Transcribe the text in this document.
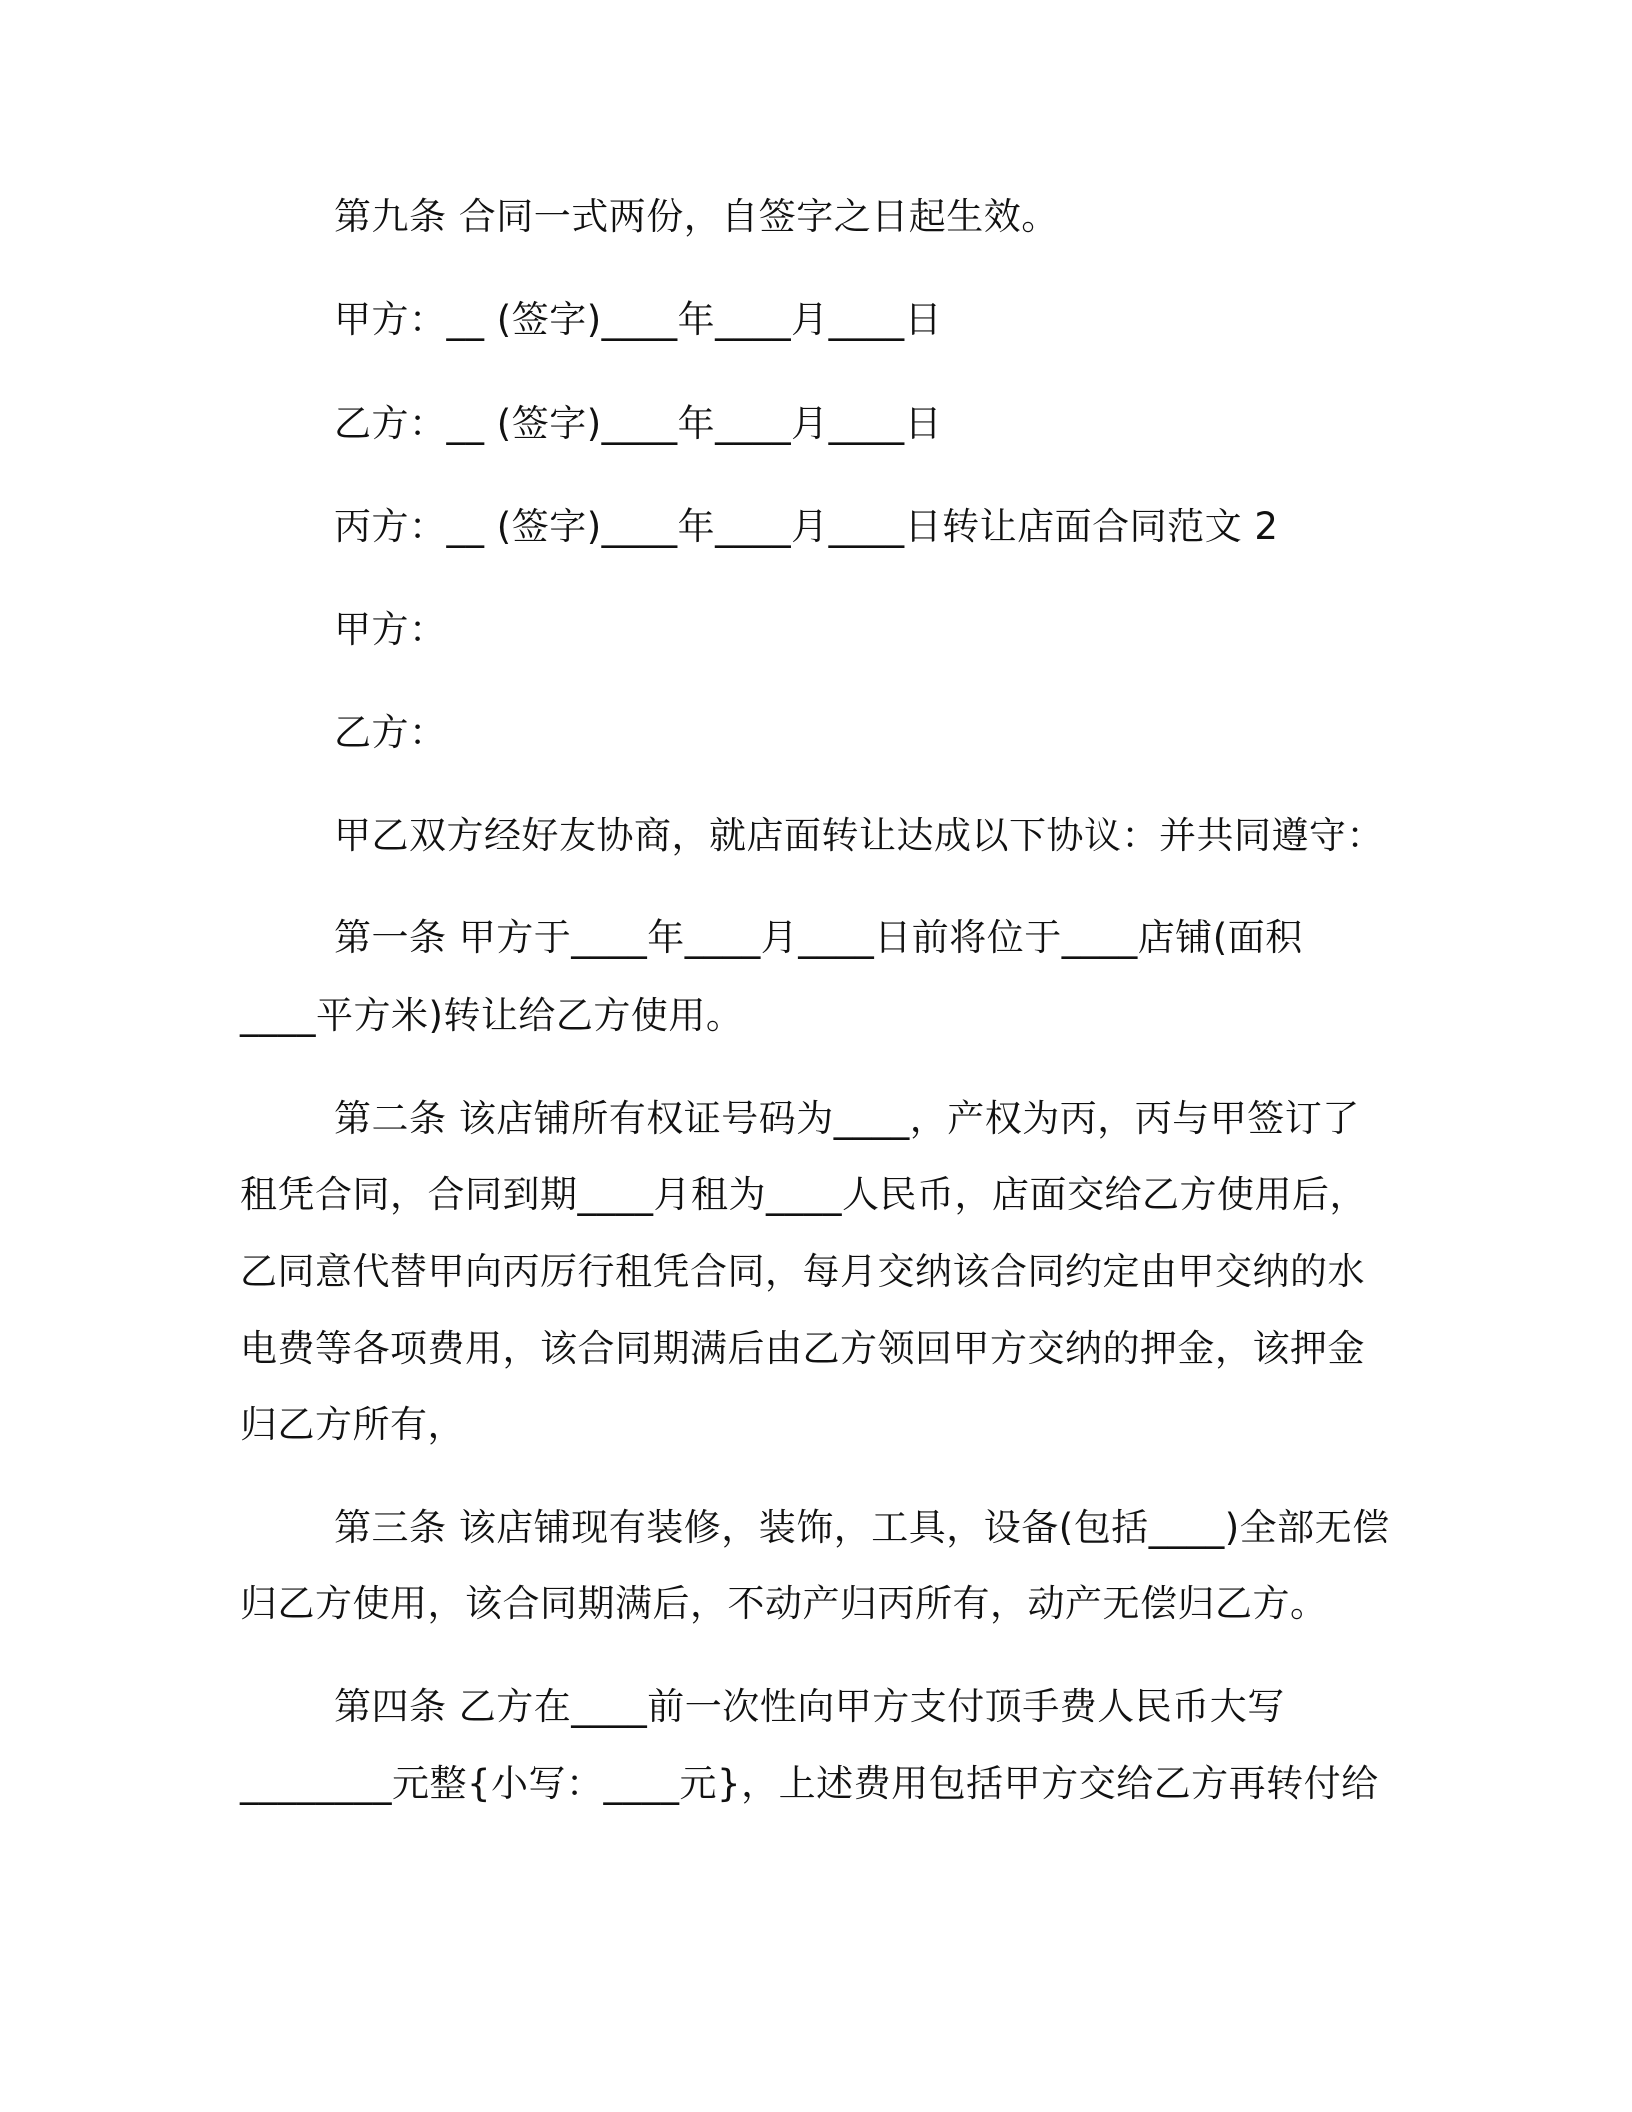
第九条 合同一式两份，自签字之日起生效。
甲方：__ (签字)____年____月____日
乙方：__ (签字)____年____月____日
丙方：__ (签字)____年____月____日转让店面合同范文 2
甲方：
乙方：
甲乙双方经好友协商，就店面转让达成以下协议：并共同遵守：
第一条 甲方于____年____月____日前将位于____店铺(面积
____平方米)转让给乙方使用。
第二条 该店铺所有权证号码为____，产权为丙，丙与甲签订了
租凭合同，合同到期____月租为____人民币，店面交给乙方使用后，
乙同意代替甲向丙厉行租凭合同，每月交纳该合同约定由甲交纳的水
电费等各项费用，该合同期满后由乙方领回甲方交纳的押金，该押金
归乙方所有，
第三条 该店铺现有装修，装饰，工具，设备(包括____)全部无偿
归乙方使用，该合同期满后，不动产归丙所有，动产无偿归乙方。
第四条 乙方在____前一次性向甲方支付顶手费人民币大写
________元整{小写：____元}，上述费用包括甲方交给乙方再转付给
